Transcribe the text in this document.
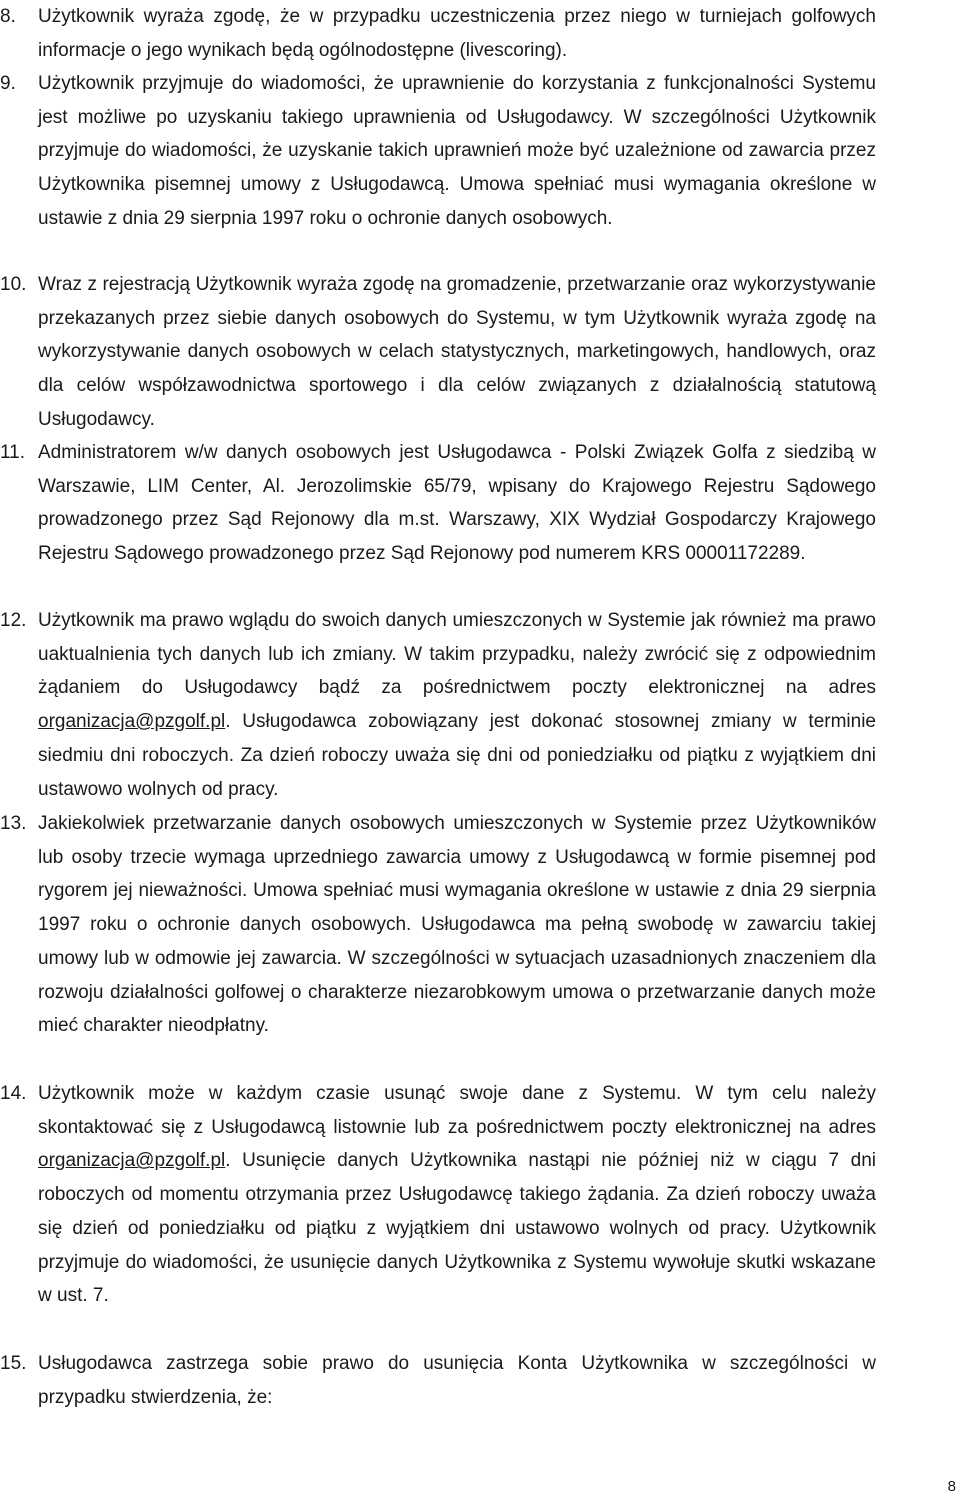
8. Użytkownik wyraża zgodę, że w przypadku uczestniczenia przez niego w turniejach golfowych informacje o jego wynikach będą ogólnodostępne (livescoring).
9. Użytkownik przyjmuje do wiadomości, że uprawnienie do korzystania z funkcjonalności Systemu jest możliwe po uzyskaniu takiego uprawnienia od Usługodawcy. W szczególności Użytkownik przyjmuje do wiadomości, że uzyskanie takich uprawnień może być uzależnione od zawarcia przez Użytkownika pisemnej umowy z Usługodawcą. Umowa spełniać musi wymagania określone w ustawie z dnia 29 sierpnia 1997 roku o ochronie danych osobowych.
10. Wraz z rejestracją Użytkownik wyraża zgodę na gromadzenie, przetwarzanie oraz wykorzystywanie przekazanych przez siebie danych osobowych do Systemu, w tym Użytkownik wyraża zgodę na wykorzystywanie danych osobowych w celach statystycznych, marketingowych, handlowych, oraz dla celów współzawodnictwa sportowego i dla celów związanych z działalnością statutową Usługodawcy.
11. Administratorem w/w danych osobowych jest Usługodawca - Polski Związek Golfa z siedzibą w Warszawie, LIM Center, Al. Jerozolimskie 65/79, wpisany do Krajowego Rejestru Sądowego prowadzonego przez Sąd Rejonowy dla m.st. Warszawy, XIX Wydział Gospodarczy Krajowego Rejestru Sądowego prowadzonego przez Sąd Rejonowy pod numerem KRS 00001172289.
12. Użytkownik ma prawo wglądu do swoich danych umieszczonych w Systemie jak również ma prawo uaktualnienia tych danych lub ich zmiany. W takim przypadku, należy zwrócić się z odpowiednim żądaniem do Usługodawcy bądź za pośrednictwem poczty elektronicznej na adres organizacja@pzgolf.pl. Usługodawca zobowiązany jest dokonać stosownej zmiany w terminie siedmiu dni roboczych. Za dzień roboczy uważa się dni od poniedziałku od piątku z wyjątkiem dni ustawowo wolnych od pracy.
13. Jakiekolwiek przetwarzanie danych osobowych umieszczonych w Systemie przez Użytkowników lub osoby trzecie wymaga uprzedniego zawarcia umowy z Usługodawcą w formie pisemnej pod rygorem jej nieważności. Umowa spełniać musi wymagania określone w ustawie z dnia 29 sierpnia 1997 roku o ochronie danych osobowych. Usługodawca ma pełną swobodę w zawarciu takiej umowy lub w odmowie jej zawarcia. W szczególności w sytuacjach uzasadnionych znaczeniem dla rozwoju działalności golfowej o charakterze niezarobkowym umowa o przetwarzanie danych może mieć charakter nieodpłatny.
14. Użytkownik może w każdym czasie usunąć swoje dane z Systemu. W tym celu należy skontaktować się z Usługodawcą listownie lub za pośrednictwem poczty elektronicznej na adres organizacja@pzgolf.pl. Usunięcie danych Użytkownika nastąpi nie później niż w ciągu 7 dni roboczych od momentu otrzymania przez Usługodawcę takiego żądania. Za dzień roboczy uważa się dzień od poniedziałku od piątku z wyjątkiem dni ustawowo wolnych od pracy. Użytkownik przyjmuje do wiadomości, że usunięcie danych Użytkownika z Systemu wywołuje skutki wskazane w ust. 7.
15. Usługodawca zastrzega sobie prawo do usunięcia Konta Użytkownika w szczególności w przypadku stwierdzenia, że:
8
